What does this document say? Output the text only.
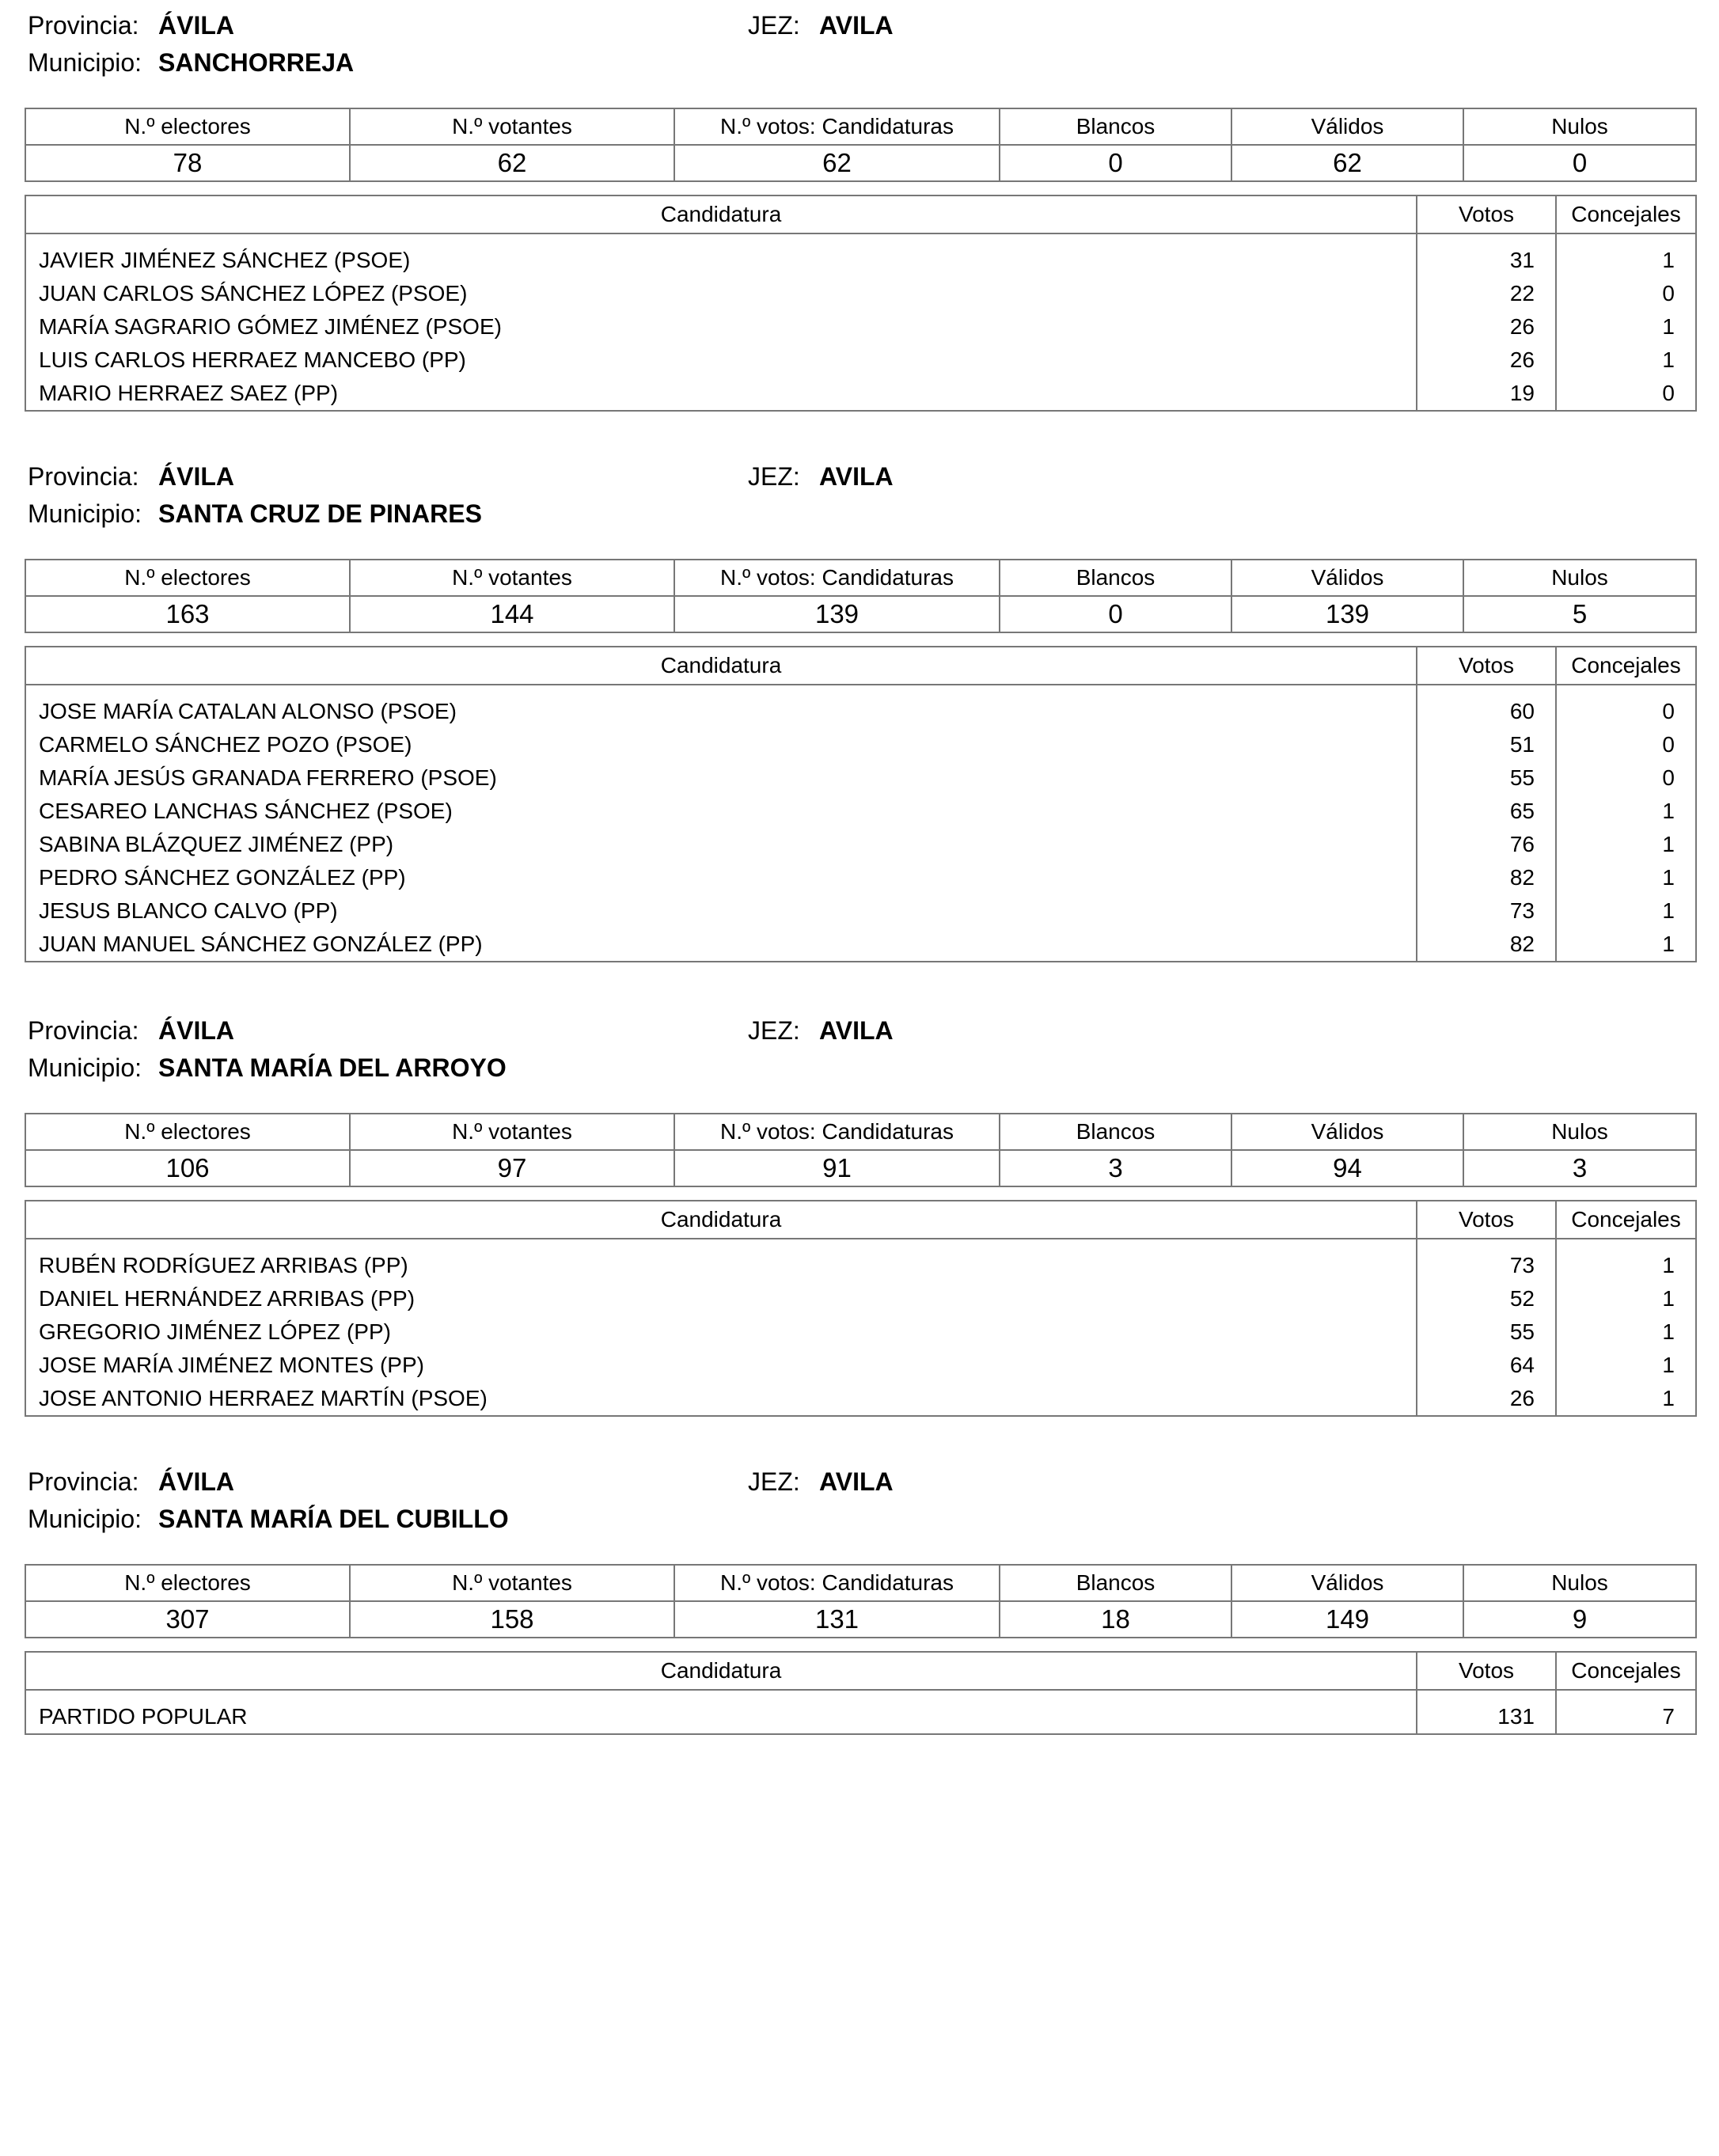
Provincia: ÁVILA	JEZ: AVILA
Municipio: SANCHORREJA
N.º electores	N.º votantes	N.º votos: Candidaturas	Blancos	Válidos	Nulos
78	62	62	0	62	0
Candidatura	Votos	Concejales

JAVIER JIMÉNEZ SÁNCHEZ (PSOE)	31	1
JUAN CARLOS SÁNCHEZ LÓPEZ (PSOE)	22	0
MARÍA SAGRARIO GÓMEZ JIMÉNEZ (PSOE)	26	1
LUIS CARLOS HERRAEZ MANCEBO (PP)	26	1
MARIO HERRAEZ SAEZ (PP)	19	0
Provincia: ÁVILA	JEZ: AVILA
Municipio: SANTA CRUZ DE PINARES
N.º electores	N.º votantes	N.º votos: Candidaturas	Blancos	Válidos	Nulos
163	144	139	0	139	5
Candidatura	Votos	Concejales

JOSE MARÍA CATALAN ALONSO (PSOE)	60	0
CARMELO SÁNCHEZ POZO (PSOE)	51	0
MARÍA JESÚS GRANADA FERRERO (PSOE)	55	0
CESAREO LANCHAS SÁNCHEZ (PSOE)	65	1
SABINA BLÁZQUEZ JIMÉNEZ (PP)	76	1
PEDRO SÁNCHEZ GONZÁLEZ (PP)	82	1
JESUS BLANCO CALVO (PP)	73	1
JUAN MANUEL SÁNCHEZ GONZÁLEZ (PP)	82	1
Provincia: ÁVILA	JEZ: AVILA
Municipio: SANTA MARÍA DEL ARROYO
N.º electores	N.º votantes	N.º votos: Candidaturas	Blancos	Válidos	Nulos
106	97	91	3	94	3
Candidatura	Votos	Concejales

RUBÉN RODRÍGUEZ ARRIBAS (PP)	73	1
DANIEL HERNÁNDEZ ARRIBAS (PP)	52	1
GREGORIO JIMÉNEZ LÓPEZ (PP)	55	1
JOSE MARÍA JIMÉNEZ MONTES (PP)	64	1
JOSE ANTONIO HERRAEZ MARTÍN (PSOE)	26	1
Provincia: ÁVILA	JEZ: AVILA
Municipio: SANTA MARÍA DEL CUBILLO
N.º electores	N.º votantes	N.º votos: Candidaturas	Blancos	Válidos	Nulos
307	158	131	18	149	9
Candidatura	Votos	Concejales

PARTIDO POPULAR	131	7
